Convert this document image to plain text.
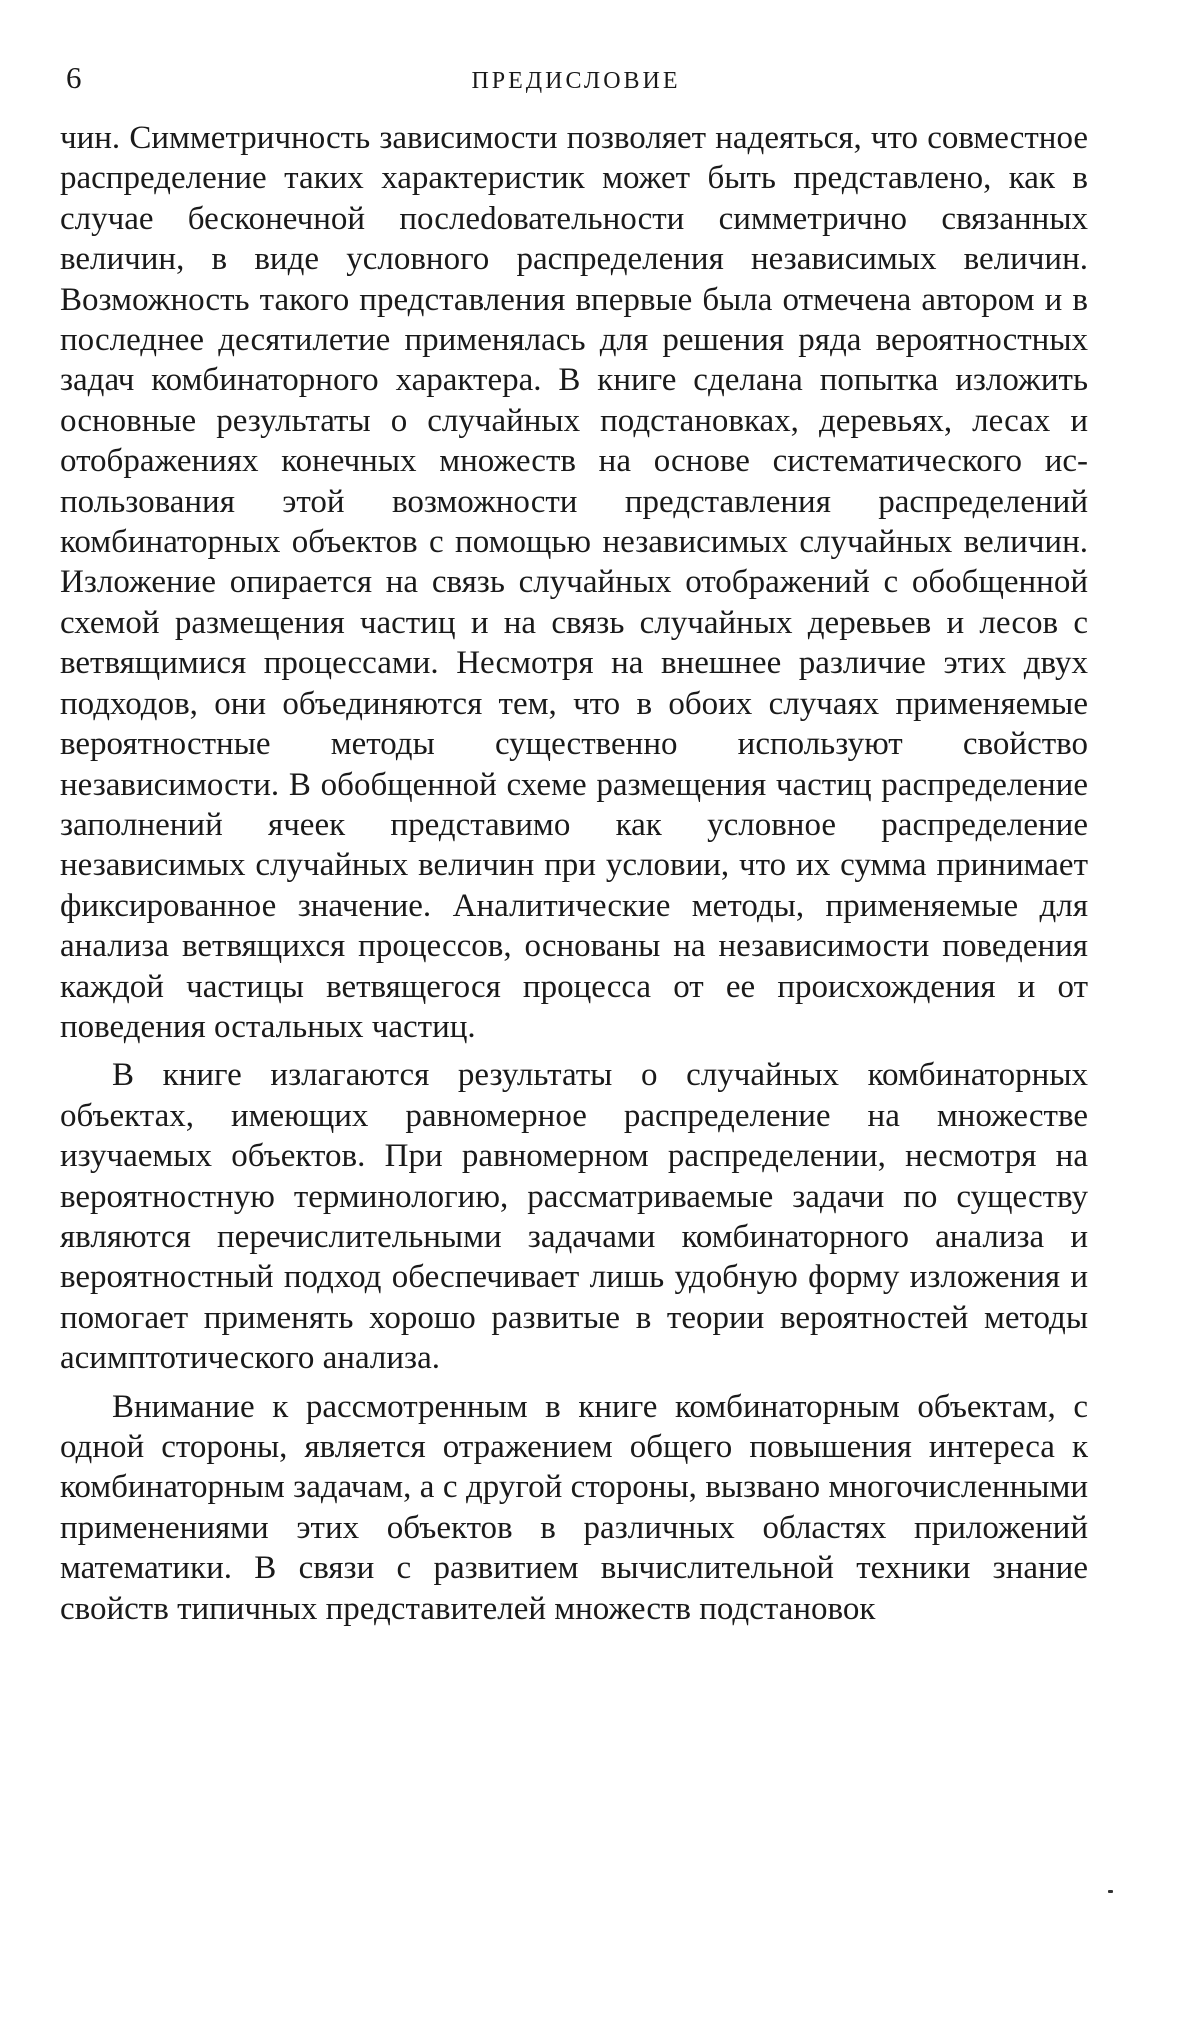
6	ПРЕДИСЛОВИЕ

чин. Симметричность зависимости позволяет надеяться, что совместное распределение таких характеристик может быть представлено, как в случае бесконечной послеdовательности симметрично связанных величин, в виде условного распределения независимых величин. Возможность такого представления впервые была отмечена автором и в последнее десятилетие применялась для решения ряда вероятностных задач комбинаторного характера. В книге сделана попытка изложить основные результаты о случайных подстановках, деревьях, лесах и отображениях конечных множеств на основе систематического использования этой возможности представления распределений комбинаторных объектов с помощью независимых случайных величин. Изложение опирается на связь случайных отображений с обобщенной схемой размещения частиц и на связь случайных деревьев и лесов с ветвящимися процессами. Несмотря на внешнее различие этих двух подходов, они объединяются тем, что в обоих случаях применяемые вероятностные методы существенно используют свойство независимости. В обобщенной схеме размещения частиц распределение заполнений ячеек представимо как условное распределение независимых случайных величин при условии, что их сумма принимает фиксированное значение. Аналитические методы, применяемые для анализа ветвящихся процессов, основаны на независимости поведения каждой частицы ветвящегося процесса от ее происхождения и от поведения остальных частиц.

В книге излагаются результаты о случайных комбинаторных объектах, имеющих равномерное распределение на множестве изучаемых объектов. При равномерном распределении, несмотря на вероятностную терминологию, рассматриваемые задачи по существу являются перечислительными задачами комбинаторного анализа и вероятностный подход обеспечивает лишь удобную форму изложения и помогает применять хорошо развитые в теории вероятностей методы асимптотического анализа.

Внимание к рассмотренным в книге комбинаторным объектам, с одной стороны, является отражением общего повышения интереса к комбинаторным задачам, а с другой стороны, вызвано многочисленными применениями этих объектов в различных областях приложений математики. В связи с развитием вычислительной техники знание свойств типичных представителей множеств подстановок
